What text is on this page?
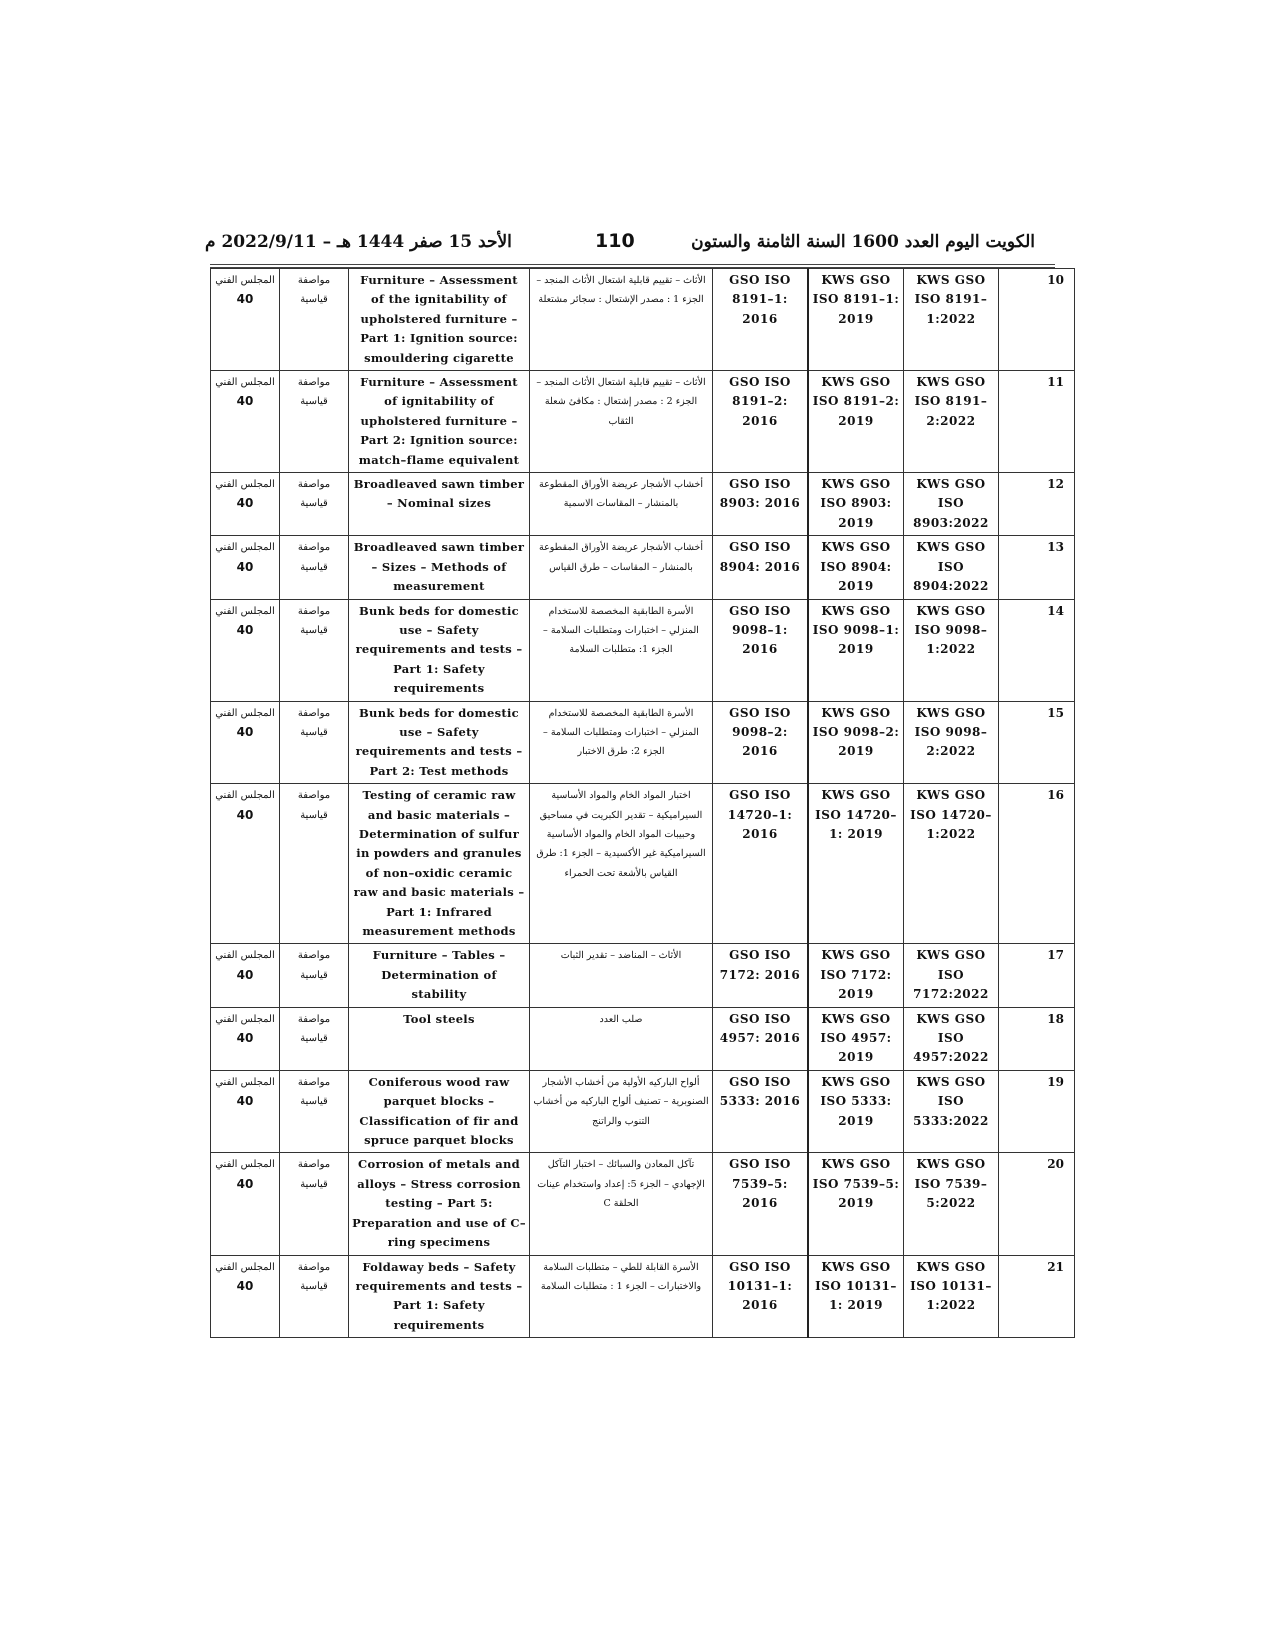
الكويت اليوم العدد 1600 السنة الثامنة والستون
110
الأحد 15 صفر 1444 هـ – 2022/9/11 م
المجلس الفني
40	مواصفة قياسية	Furniture – Assessment of the ignitability of upholstered furniture – Part 1: Ignition source: smouldering cigarette	الأثاث – تقييم قابلية اشتعال الأثاث المنجد – الجزء 1 : مصدر الإشتعال : سجائر مشتعلة	GSO ISO 8191–1: 2016	KWS GSO ISO 8191–1: 2019	KWS GSO ISO 8191– 1:2022	10

المجلس الفني
40	مواصفة قياسية	Furniture – Assessment of ignitability of upholstered furniture – Part 2: Ignition source: match–flame equivalent	الأثاث – تقييم قابلية اشتعال الأثاث المنجد – الجزء 2 : مصدر إشتعال : مكافئ شعلة الثقاب	GSO ISO 8191–2: 2016	KWS GSO ISO 8191–2: 2019	KWS GSO ISO 8191– 2:2022	11

المجلس الفني
40	مواصفة قياسية	Broadleaved sawn timber – Nominal sizes	أخشاب الأشجار عريضة الأوراق المقطوعة بالمنشار – المقاسات الاسمية	GSO ISO 8903: 2016	KWS GSO ISO 8903: 2019	KWS GSO ISO 8903:2022	12

المجلس الفني
40	مواصفة قياسية	Broadleaved sawn timber – Sizes – Methods of measurement	أخشاب الأشجار عريضة الأوراق المقطوعة بالمنشار – المقاسات – طرق القياس	GSO ISO 8904: 2016	KWS GSO ISO 8904: 2019	KWS GSO ISO 8904:2022	13

المجلس الفني
40	مواصفة قياسية	Bunk beds for domestic use – Safety requirements and tests – Part 1: Safety requirements	الأسرة الطابقية المخصصة للاستخدام المنزلي – اختبارات ومتطلبات السلامة – الجزء 1: متطلبات السلامة	GSO ISO 9098–1: 2016	KWS GSO ISO 9098–1: 2019	KWS GSO ISO 9098– 1:2022	14

المجلس الفني
40	مواصفة قياسية	Bunk beds for domestic use – Safety requirements and tests – Part 2: Test methods	الأسرة الطابقية المخصصة للاستخدام المنزلي – اختبارات ومتطلبات السلامة – الجزء 2: طرق الاختبار	GSO ISO 9098–2: 2016	KWS GSO ISO 9098–2: 2019	KWS GSO ISO 9098– 2:2022	15

المجلس الفني
40	مواصفة قياسية	Testing of ceramic raw and basic materials – Determination of sulfur in powders and granules of non–oxidic ceramic raw and basic materials – Part 1: Infrared measurement methods	اختبار المواد الخام والمواد الأساسية السيراميكية – تقدير الكبريت في مساحيق وحبيبات المواد الخام والمواد الأساسية السيراميكية غير الأكسيدية – الجزء 1: طرق القياس بالأشعة تحت الحمراء	GSO ISO 14720–1: 2016	KWS GSO ISO 14720–1: 2019	KWS GSO ISO 14720– 1:2022	16

المجلس الفني
40	مواصفة قياسية	Furniture – Tables – Determination of stability	الأثاث – المناضد – تقدير الثبات	GSO ISO 7172: 2016	KWS GSO ISO 7172: 2019	KWS GSO ISO 7172:2022	17

المجلس الفني
40	مواصفة قياسية	Tool steels	صلب العدد	GSO ISO 4957: 2016	KWS GSO ISO 4957: 2019	KWS GSO ISO 4957:2022	18

المجلس الفني
40	مواصفة قياسية	Coniferous wood raw parquet blocks – Classification of fir and spruce parquet blocks	ألواح الباركيه الأولية من أخشاب الأشجار الصنوبرية – تصنيف ألواح الباركيه من أخشاب التنوب والراتنج	GSO ISO 5333: 2016	KWS GSO ISO 5333: 2019	KWS GSO ISO 5333:2022	19

المجلس الفني
40	مواصفة قياسية	Corrosion of metals and alloys – Stress corrosion testing – Part 5: Preparation and use of C–ring specimens	تآكل المعادن والسبائك – اختبار التآكل الإجهادي – الجزء 5: إعداد واستخدام عينات الحلقة C	GSO ISO 7539–5: 2016	KWS GSO ISO 7539–5: 2019	KWS GSO ISO 7539– 5:2022	20

المجلس الفني
40	مواصفة قياسية	Foldaway beds – Safety requirements and tests – Part 1: Safety requirements	الأسرة القابلة للطي – متطلبات السلامة والاختبارات – الجزء 1 : متطلبات السلامة	GSO ISO 10131–1: 2016	KWS GSO ISO 10131–1: 2019	KWS GSO ISO 10131– 1:2022	21
